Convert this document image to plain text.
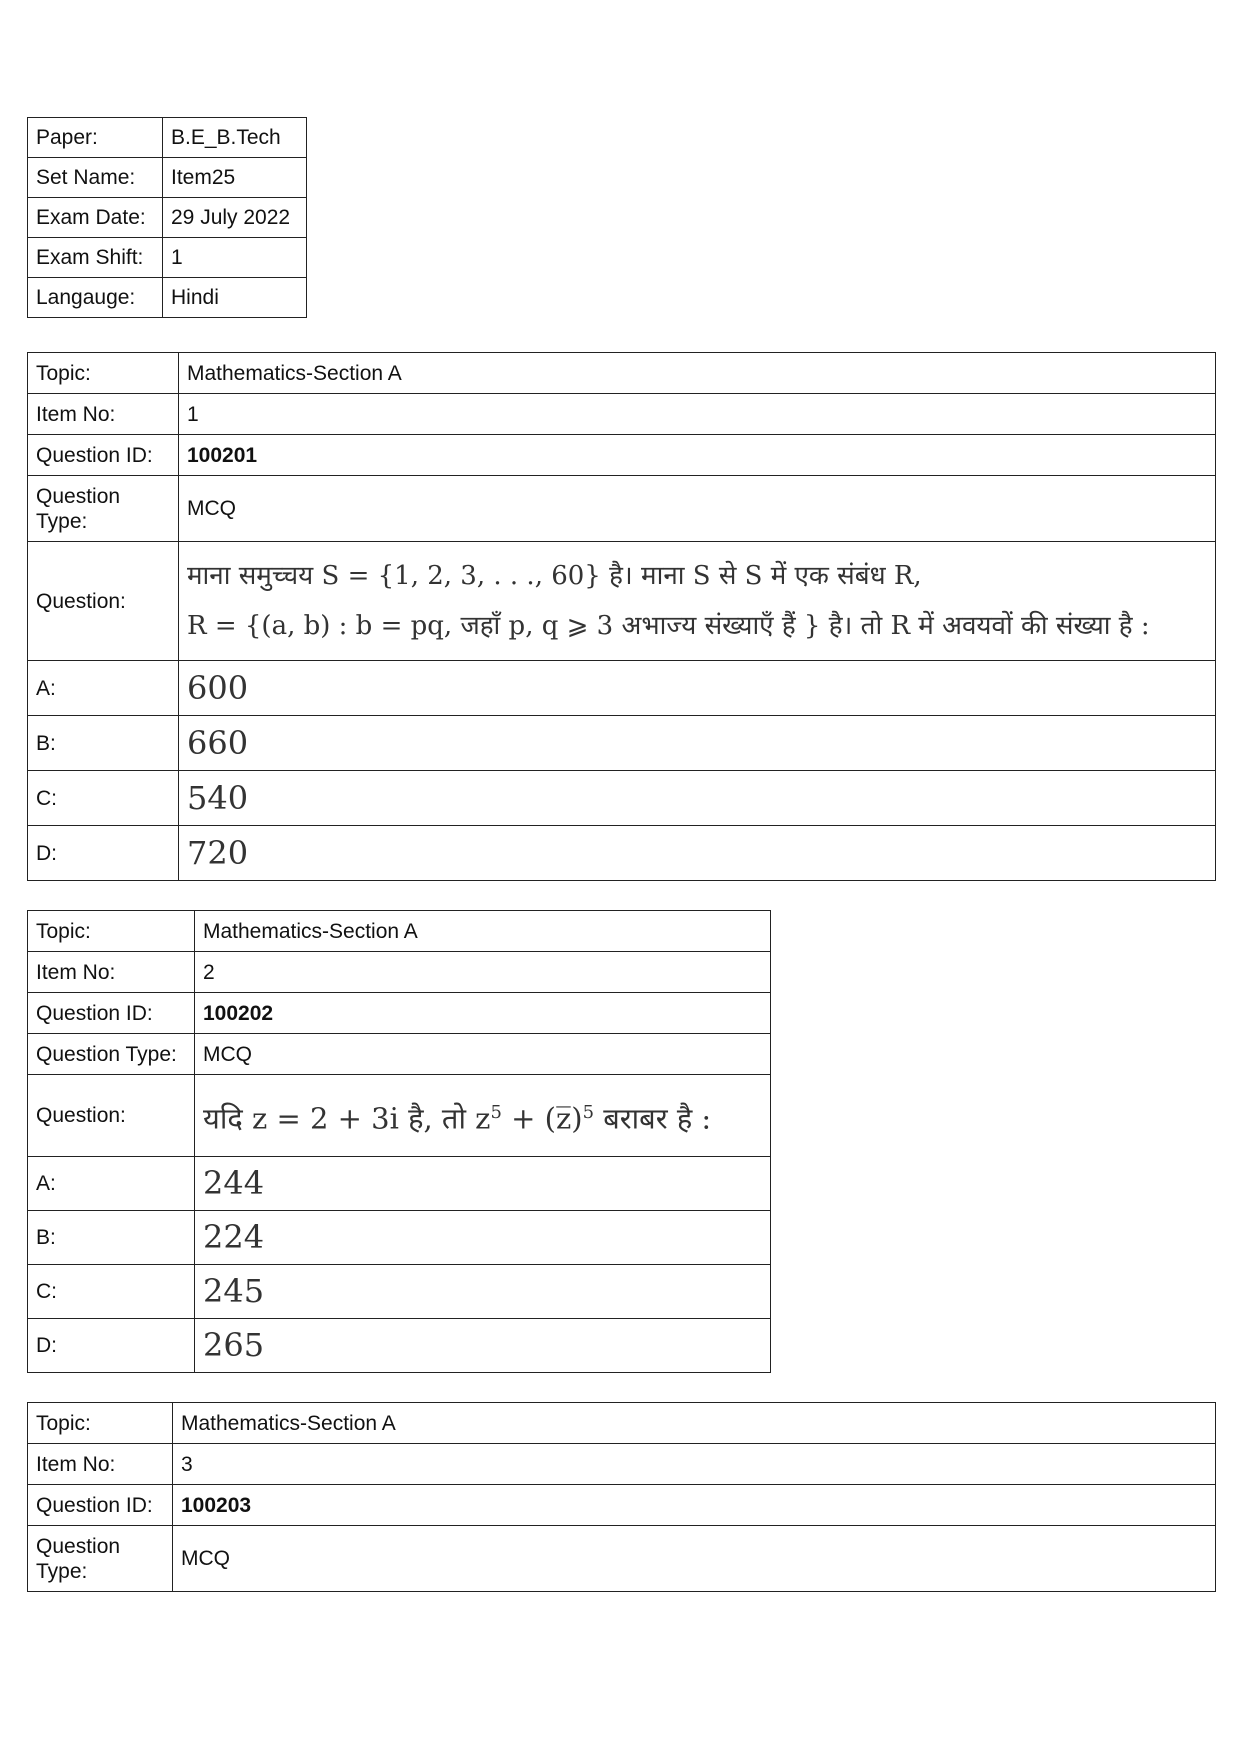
Paper:	B.E_B.Tech
Set Name:	Item25
Exam Date:	29 July 2022
Exam Shift:	1
Langauge:	Hindi
Topic:	Mathematics-Section A
Item No:	1
Question ID:	100201

Question
Type:	MCQ
Question:	माना समुच्चय S = {1, 2, 3, . . ., 60} है। माना S से S में एक संबंध R,
R = {(a, b) : b = pq, जहाँ p, q ⩾ 3 अभाज्य संख्याएँ हैं } है। तो R में अवयवों की संख्या है :

A:	600
B:	660
C:	540
D:	720
Topic:	Mathematics-Section A
Item No:	2
Question ID:	100202
Question Type:	MCQ
Question:	यदि z = 2 + 3i है, तो $z^5$ + (z̅)$^5$ बराबर है :
A:	244
B:	224
C:	245
D:	265
Topic:	Mathematics-Section A
Item No:	3
Question ID:	100203

Question
Type:	MCQ
